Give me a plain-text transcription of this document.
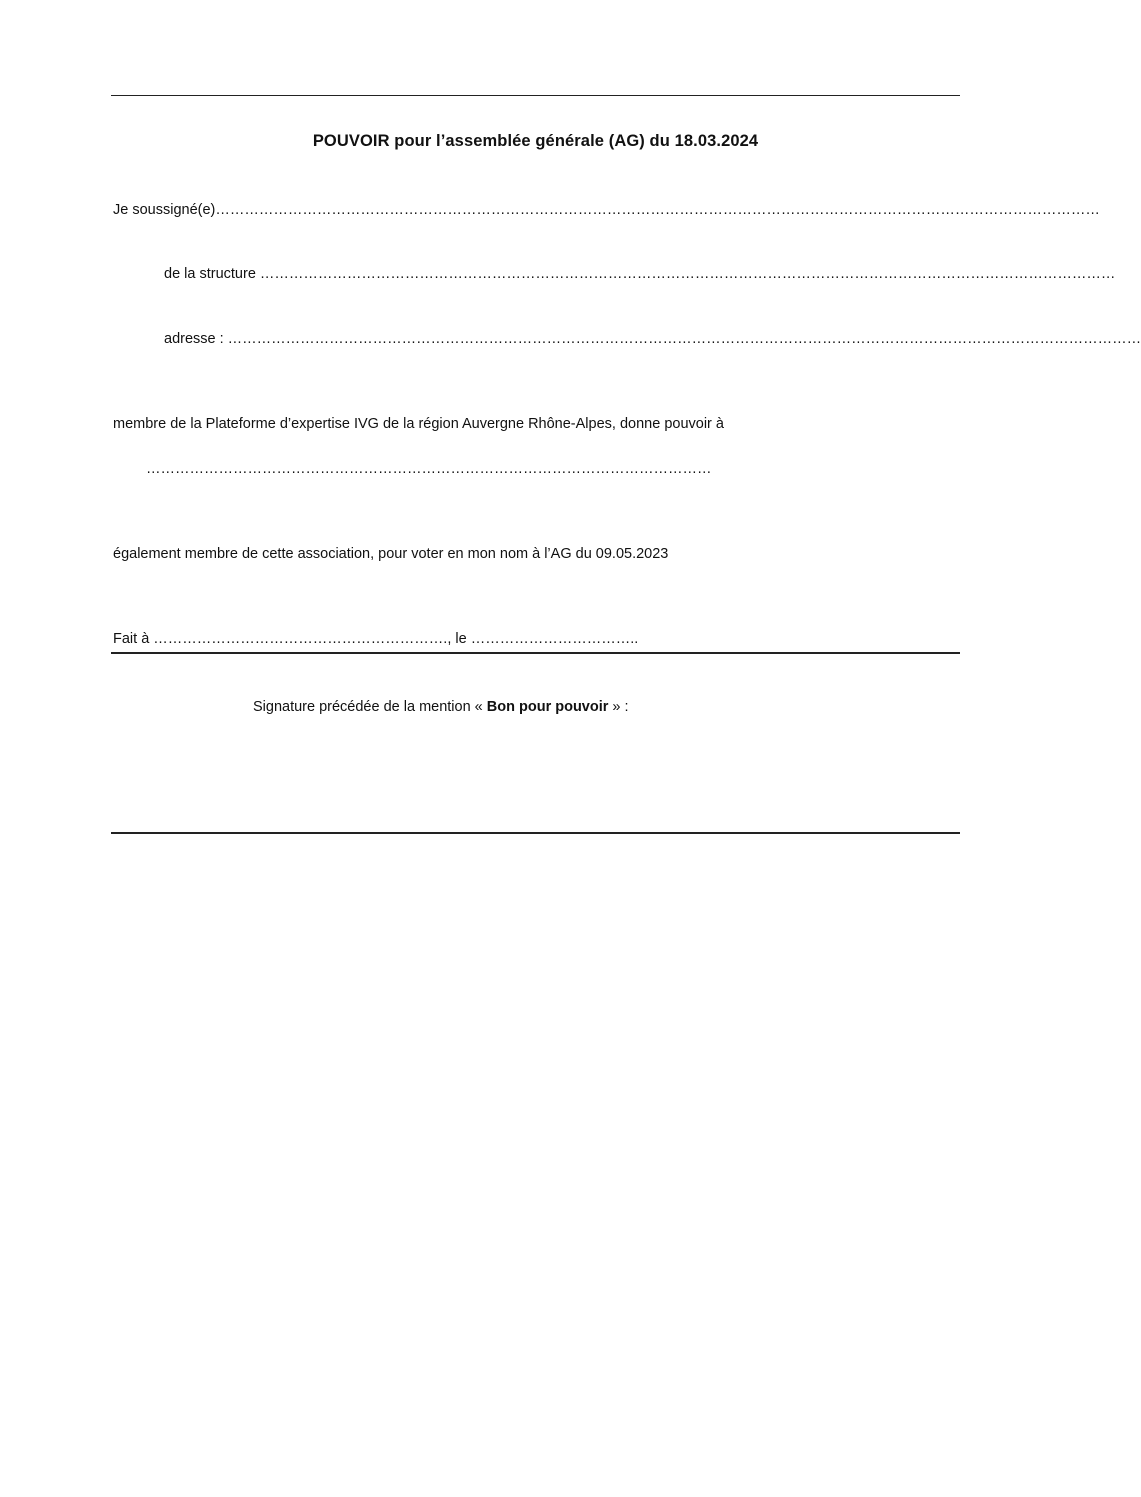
POUVOIR pour l’assemblée générale (AG) du 18.03.2024
Je soussigné(e)…………………………………………………………………………………………………………………………………………………………………
de la structure ……………………………………………………………………………………………………………………………………………………………
adresse : ………………………………………………………………………………………………………………………………………………………………………
membre de la Plateforme d’expertise IVG de la région Auvergne Rhône-Alpes, donne pouvoir à
………………………………………………………………………………………………………
également membre de cette association, pour voter en mon nom à l’AG du 09.05.2023
Fait à ……………………………………………………., le ……………………………..
Signature précédée de la mention « Bon pour pouvoir » :
